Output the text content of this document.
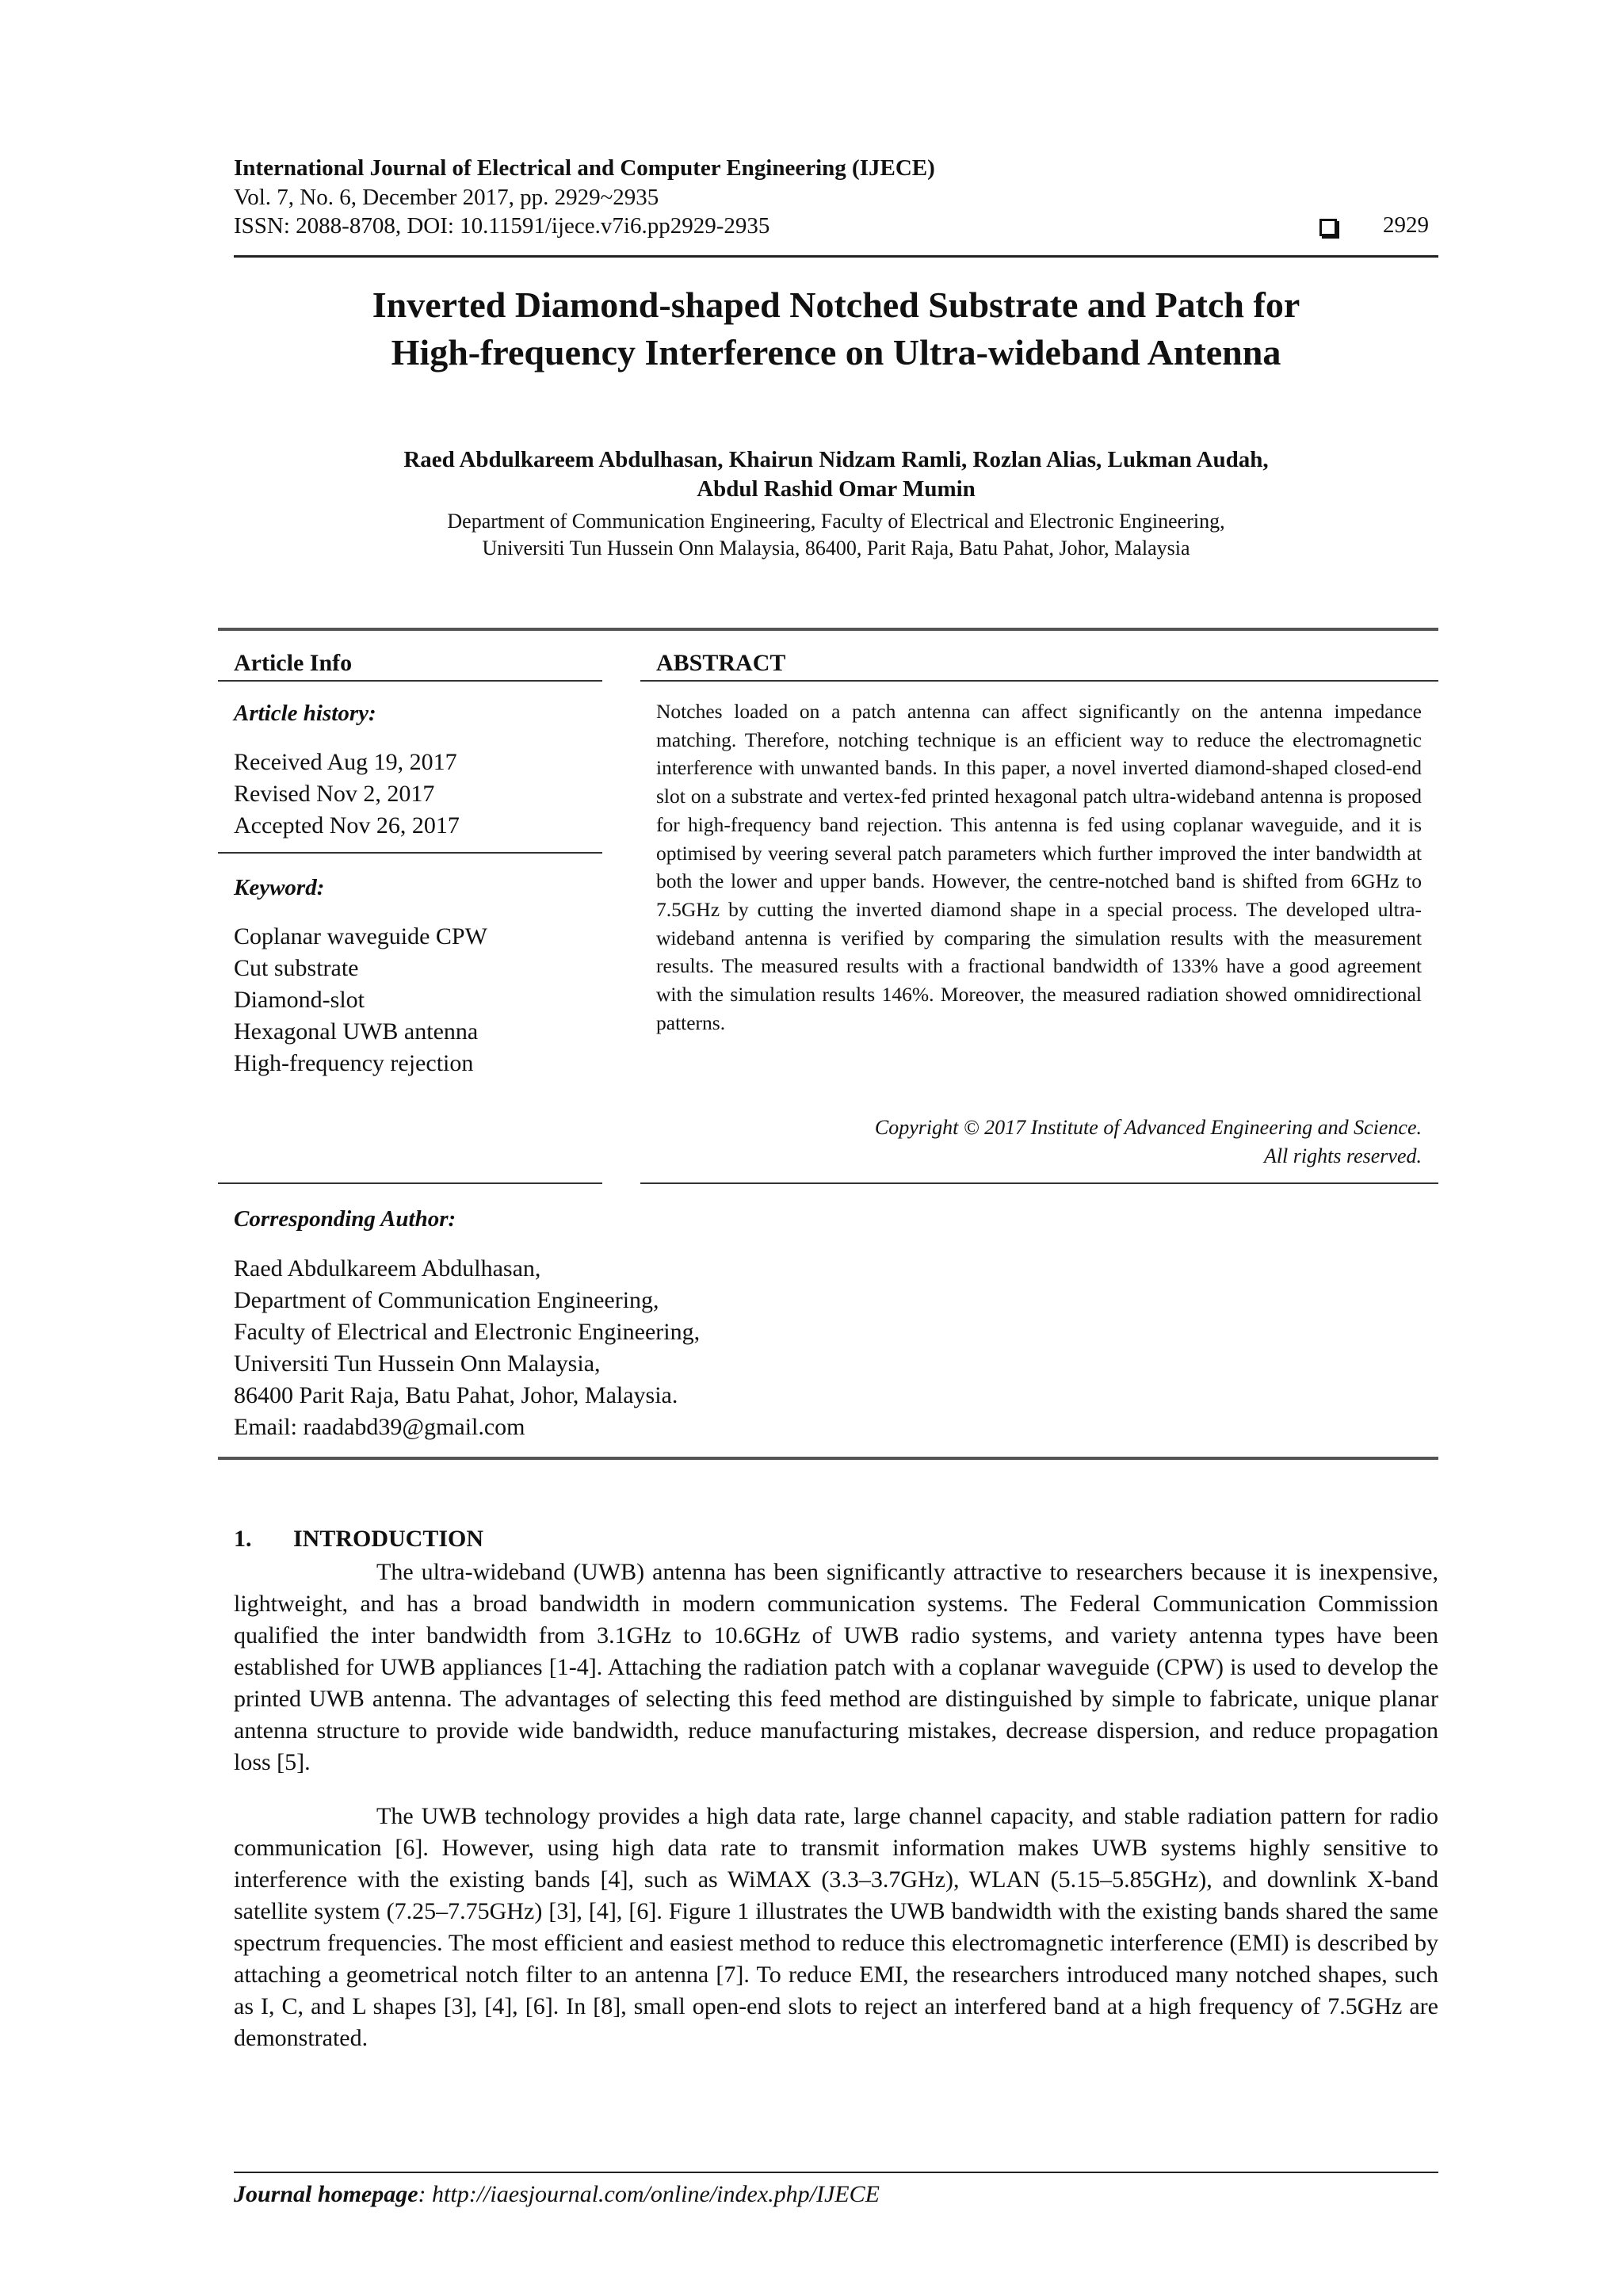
International Journal of Electrical and Computer Engineering (IJECE)
Vol. 7, No. 6, December 2017, pp. 2929~2935
ISSN: 2088-8708, DOI: 10.11591/ijece.v7i6.pp2929-2935	2929
Inverted Diamond-shaped Notched Substrate and Patch for
High-frequency Interference on Ultra-wideband Antenna
Raed Abdulkareem Abdulhasan, Khairun Nidzam Ramli, Rozlan Alias, Lukman Audah,
Abdul Rashid Omar Mumin
Department of Communication Engineering, Faculty of Electrical and Electronic Engineering,
Universiti Tun Hussein Onn Malaysia, 86400, Parit Raja, Batu Pahat, Johor, Malaysia
Article Info
Article history:
Received Aug 19, 2017
Revised Nov 2, 2017
Accepted Nov 26, 2017
Keyword:
Coplanar waveguide CPW
Cut substrate
Diamond-slot
Hexagonal UWB antenna
High-frequency rejection
ABSTRACT
Notches loaded on a patch antenna can affect significantly on the antenna impedance matching. Therefore, notching technique is an efficient way to reduce the electromagnetic interference with unwanted bands. In this paper, a novel inverted diamond-shaped closed-end slot on a substrate and vertex-fed printed hexagonal patch ultra-wideband antenna is proposed for high-frequency band rejection. This antenna is fed using coplanar waveguide, and it is optimised by veering several patch parameters which further improved the inter bandwidth at both the lower and upper bands. However, the centre-notched band is shifted from 6GHz to 7.5GHz by cutting the inverted diamond shape in a special process. The developed ultra-wideband antenna is verified by comparing the simulation results with the measurement results. The measured results with a fractional bandwidth of 133% have a good agreement with the simulation results 146%. Moreover, the measured radiation showed omnidirectional patterns.
Copyright © 2017 Institute of Advanced Engineering and Science.
All rights reserved.
Corresponding Author:
Raed Abdulkareem Abdulhasan,
Department of Communication Engineering,
Faculty of Electrical and Electronic Engineering,
Universiti Tun Hussein Onn Malaysia,
86400 Parit Raja, Batu Pahat, Johor, Malaysia.
Email: raadabd39@gmail.com
1. INTRODUCTION

The ultra-wideband (UWB) antenna has been significantly attractive to researchers because it is inexpensive, lightweight, and has a broad bandwidth in modern communication systems. The Federal Communication Commission qualified the inter bandwidth from 3.1GHz to 10.6GHz of UWB radio systems, and variety antenna types have been established for UWB appliances [1-4]. Attaching the radiation patch with a coplanar waveguide (CPW) is used to develop the printed UWB antenna. The advantages of selecting this feed method are distinguished by simple to fabricate, unique planar antenna structure to provide wide bandwidth, reduce manufacturing mistakes, decrease dispersion, and reduce propagation loss [5].

The UWB technology provides a high data rate, large channel capacity, and stable radiation pattern for radio communication [6]. However, using high data rate to transmit information makes UWB systems highly sensitive to interference with the existing bands [4], such as WiMAX (3.3–3.7GHz), WLAN (5.15–5.85GHz), and downlink X-band satellite system (7.25–7.75GHz) [3], [4], [6]. Figure 1 illustrates the UWB bandwidth with the existing bands shared the same spectrum frequencies. The most efficient and easiest method to reduce this electromagnetic interference (EMI) is described by attaching a geometrical notch filter to an antenna [7]. To reduce EMI, the researchers introduced many notched shapes, such as I, C, and L shapes [3], [4], [6]. In [8], small open-end slots to reject an interfered band at a high frequency of 7.5GHz are demonstrated.

Journal homepage: http://iaesjournal.com/online/index.php/IJECE
